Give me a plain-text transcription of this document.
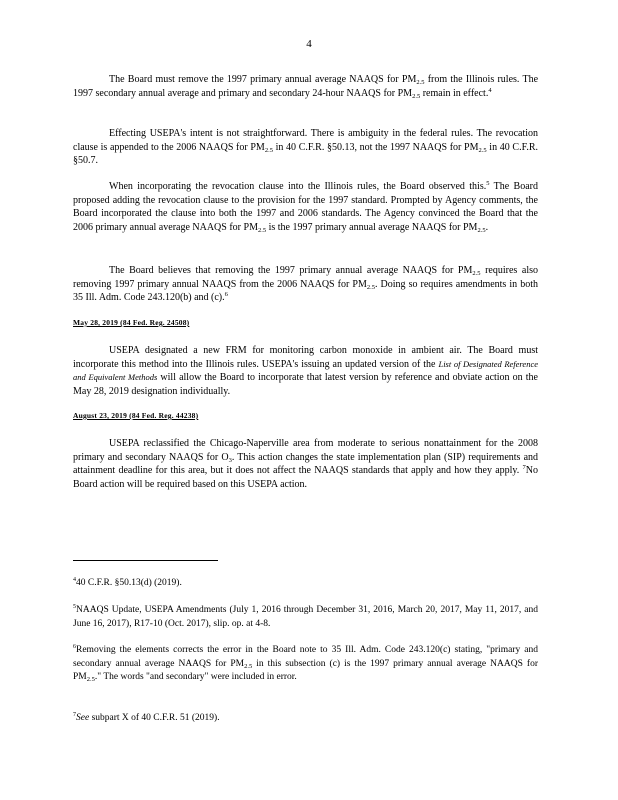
4

The Board must remove the 1997 primary annual average NAAQS for $PM_{2.5}$ from the Illinois rules. The 1997 secondary annual average and primary and secondary 24-hour NAAQS for $PM_{2.5}$ remain in effect.$^4$

Effecting USEPA's intent is not straightforward. There is ambiguity in the federal rules. The revocation clause is appended to the 2006 NAAQS for $PM_{2.5}$ in 40 C.F.R. §50.13, not the 1997 NAAQS for $PM_{2.5}$ in 40 C.F.R. §50.7.

When incorporating the revocation clause into the Illinois rules, the Board observed this.$^5$ The Board proposed adding the revocation clause to the provision for the 1997 standard. Prompted by Agency comments, the Board incorporated the clause into both the 1997 and 2006 standards. The Agency convinced the Board that the 2006 primary annual average NAAQS for $PM_{2.5}$ is the 1997 primary annual average NAAQS for $PM_{2.5}$.

The Board believes that removing the 1997 primary annual average NAAQS for $PM_{2.5}$ requires also removing 1997 primary annual NAAQS from the 2006 NAAQS for $PM_{2.5}$. Doing so requires amendments in both 35 Ill. Adm. Code 243.120(b) and (c).$^6$

May 28, 2019 (84 Fed. Reg. 24508)

USEPA designated a new FRM for monitoring carbon monoxide in ambient air. The Board must incorporate this method into the Illinois rules. USEPA's issuing an updated version of the List of Designated Reference and Equivalent Methods will allow the Board to incorporate that latest version by reference and obviate action on the May 28, 2019 designation individually.

August 23, 2019 (84 Fed. Reg. 44238)

USEPA reclassified the Chicago-Naperville area from moderate to serious nonattainment for the 2008 primary and secondary NAAQS for $O_3$. This action changes the state implementation plan (SIP) requirements and attainment deadline for this area, but it does not affect the NAAQS standards that apply and how they apply. $^7$No Board action will be required based on this USEPA action.

$^4$40 C.F.R. §50.13(d) (2019).
$^5$NAAQS Update, USEPA Amendments (July 1, 2016 through December 31, 2016, March 20, 2017, May 11, 2017, and June 16, 2017), R17-10 (Oct. 2017), slip. op. at 4-8.
$^6$Removing the elements corrects the error in the Board note to 35 Ill. Adm. Code 243.120(c) stating, "primary and secondary annual average NAAQS for $PM_{2.5}$ in this subsection (c) is the 1997 primary annual average NAAQS for $PM_{2.5}$." The words "and secondary" were included in error.
$^7$See subpart X of 40 C.F.R. 51 (2019).
